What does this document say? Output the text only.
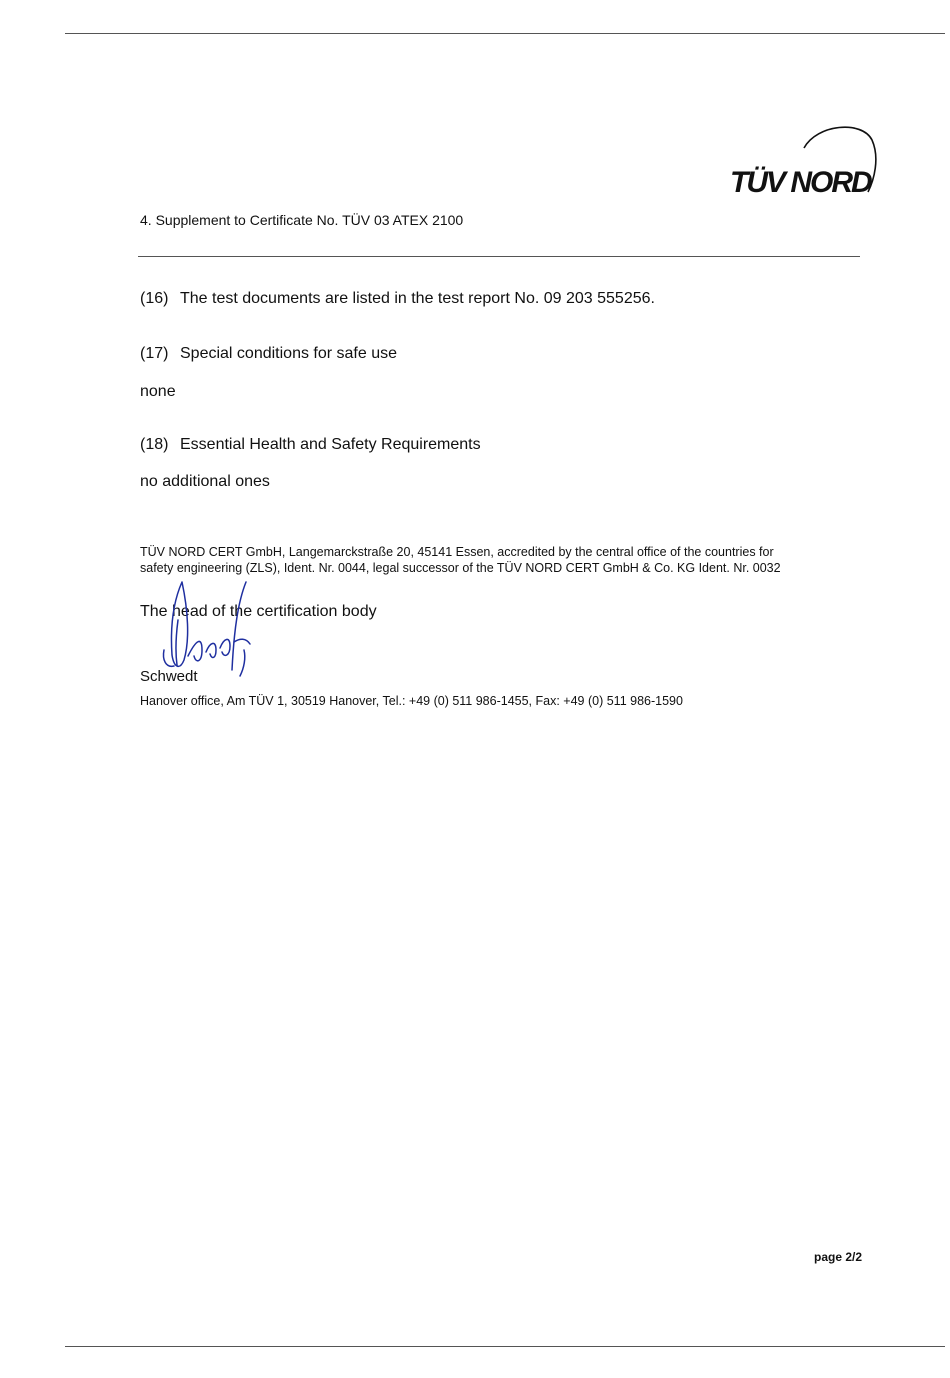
TÜV NORD
4. Supplement to Certificate No. TÜV 03 ATEX 2100
(16) The test documents are listed in the test report No. 09 203 555256.
(17) Special conditions for safe use
none
(18) Essential Health and Safety Requirements
no additional ones
TÜV NORD CERT GmbH, Langemarckstraße 20, 45141 Essen, accredited by the central office of the countries for
safety engineering (ZLS), Ident. Nr. 0044, legal successor of the TÜV NORD CERT GmbH & Co. KG Ident. Nr. 0032
The head of the certification body
Schwedt
Hanover office, Am TÜV 1, 30519 Hanover, Tel.: +49 (0) 511 986-1455, Fax: +49 (0) 511 986-1590
page 2/2
